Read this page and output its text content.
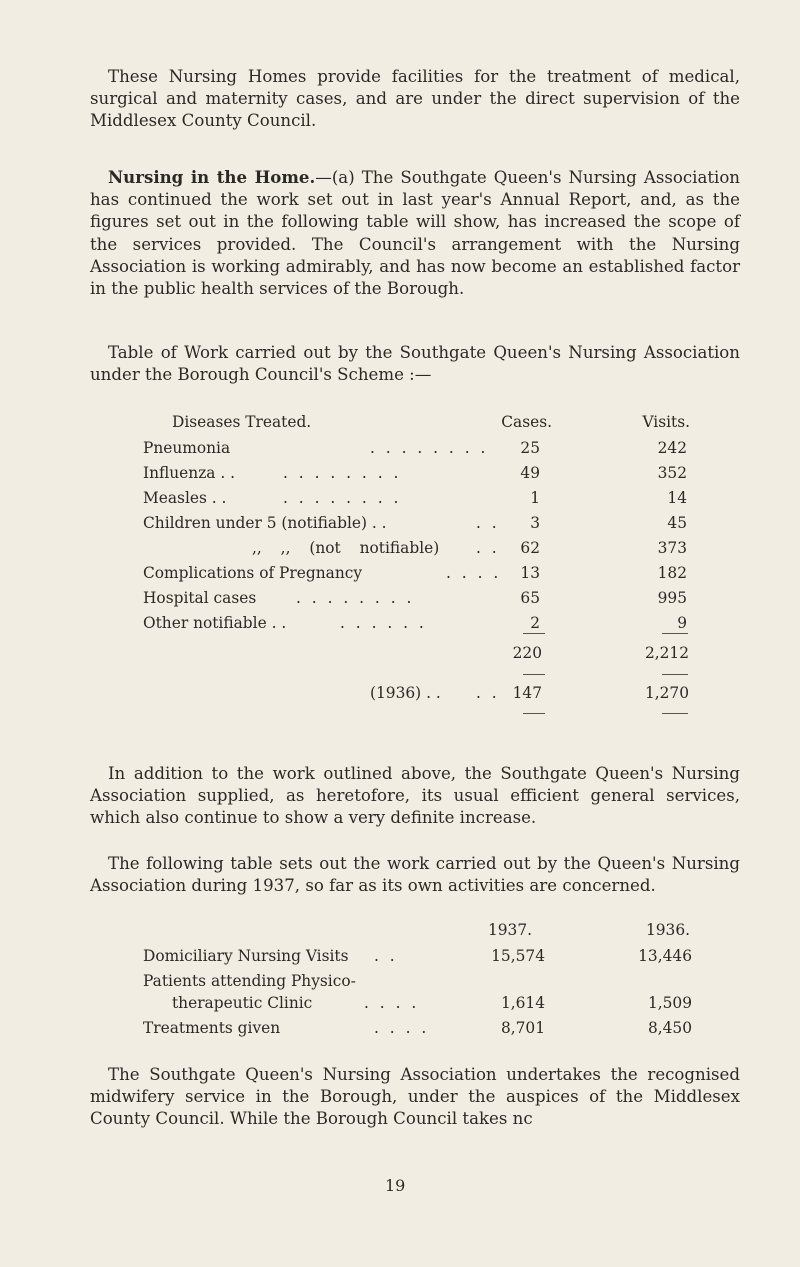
These Nursing Homes provide facilities for the treatment of medical, surgical and maternity cases, and are under the direct supervision of the Middlesex County Council.

Nursing in the Home.—(a) The Southgate Queen's Nursing Association has continued the work set out in last year's Annual Report, and, as the figures set out in the following table will show, has increased the scope of the services provided. The Council's arrangement with the Nursing Association is working admirably, and has now become an established factor in the public health services of the Borough.

Table of Work carried out by the Southgate Queen's Nursing Association under the Borough Council's Scheme :—

Diseases Treated.	Cases.	Visits.
Pneumonia	. . . . . . . . 25	242
Influenza . .	. . . . . . . .	49	352
Measles . .	. . . . . . . .	1	14
Children under 5 (notifiable) . .	. . 3	45
,, ,, (not notifiable) . . 62	373
Complications of Pregnancy	. . . . 13	182
Hospital cases	. . . . . . . .	65	995
Other notifiable . .	. . . . . .	2	9
220	2,212
(1936) . . . . 147	1,270

In addition to the work outlined above, the Southgate Queen's Nursing Association supplied, as heretofore, its usual efficient general services, which also continue to show a very definite increase.

The following table sets out the work carried out by the Queen's Nursing Association during 1937, so far as its own activities are concerned.

1937.	1936.
Domiciliary Nursing Visits . .	15,574	13,446
Patients attending Physico-
therapeutic Clinic	. . . .	1,614	1,509
Treatments given	. . . .	8,701	8,450

The Southgate Queen's Nursing Association undertakes the recognised midwifery service in the Borough, under the auspices of the Middlesex County Council. While the Borough Council takes nc

19
